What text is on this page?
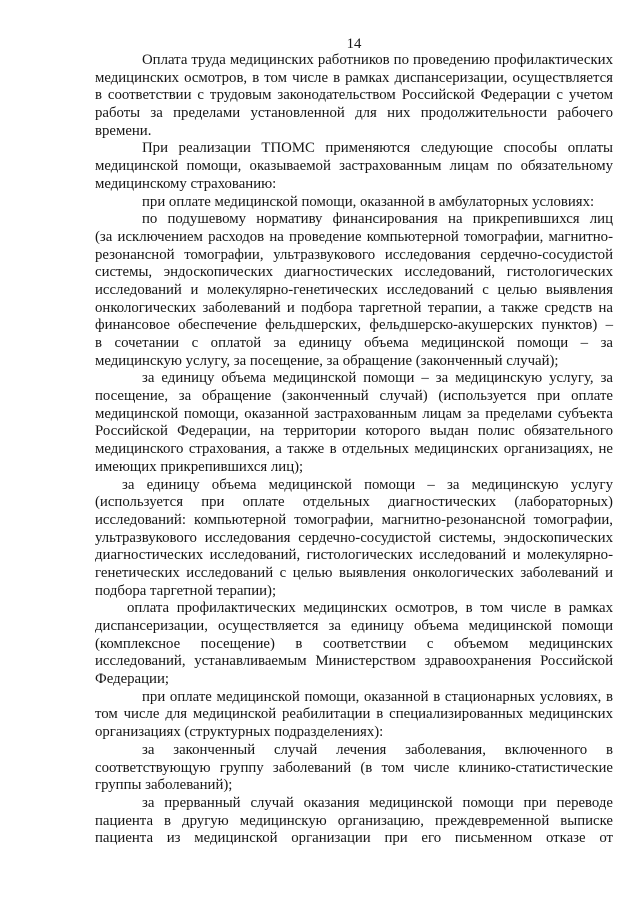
14
Оплата труда медицинских работников по проведению профилактических
медицинских осмотров, в том числе в рамках диспансеризации, осуществляется
в соответствии с трудовым законодательством Российской Федерации с учетом
работы за пределами установленной для них продолжительности рабочего
времени.
При реализации ТПОМС применяются следующие способы оплаты
медицинской помощи, оказываемой застрахованным лицам по обязательному
медицинскому страхованию:
при оплате медицинской помощи, оказанной в амбулаторных условиях:
по подушевому нормативу финансирования на прикрепившихся лиц
(за исключением расходов на проведение компьютерной томографии, магнитно-
резонансной томографии, ультразвукового исследования сердечно-сосудистой
системы, эндоскопических диагностических исследований, гистологических
исследований и молекулярно-генетических исследований с целью выявления
онкологических заболеваний и подбора таргетной терапии, а также средств на
финансовое обеспечение фельдшерских, фельдшерско-акушерских пунктов) –
в сочетании с оплатой за единицу объема медицинской помощи – за
медицинскую услугу, за посещение, за обращение (законченный случай);
за единицу объема медицинской помощи – за медицинскую услугу, за
посещение, за обращение (законченный случай) (используется при оплате
медицинской помощи, оказанной застрахованным лицам за пределами субъекта
Российской Федерации, на территории которого выдан полис обязательного
медицинского страхования, а также в отдельных медицинских организациях, не
имеющих прикрепившихся лиц);
за единицу объема медицинской помощи – за медицинскую услугу
(используется при оплате отдельных диагностических (лабораторных)
исследований: компьютерной томографии, магнитно-резонансной томографии,
ультразвукового исследования сердечно-сосудистой системы, эндоскопических
диагностических исследований, гистологических исследований и молекулярно-
генетических исследований с целью выявления онкологических заболеваний и
подбора таргетной терапии);
оплата профилактических медицинских осмотров, в том числе в рамках
диспансеризации, осуществляется за единицу объема медицинской помощи
(комплексное посещение) в соответствии с объемом медицинских
исследований, устанавливаемым Министерством здравоохранения Российской
Федерации;
при оплате медицинской помощи, оказанной в стационарных условиях, в
том числе для медицинской реабилитации в специализированных медицинских
организациях (структурных подразделениях):
за законченный случай лечения заболевания, включенного в
соответствующую группу заболеваний (в том числе клинико-статистические
группы заболеваний);
за прерванный случай оказания медицинской помощи при переводе
пациента в другую медицинскую организацию, преждевременной выписке
пациента из медицинской организации при его письменном отказе от
